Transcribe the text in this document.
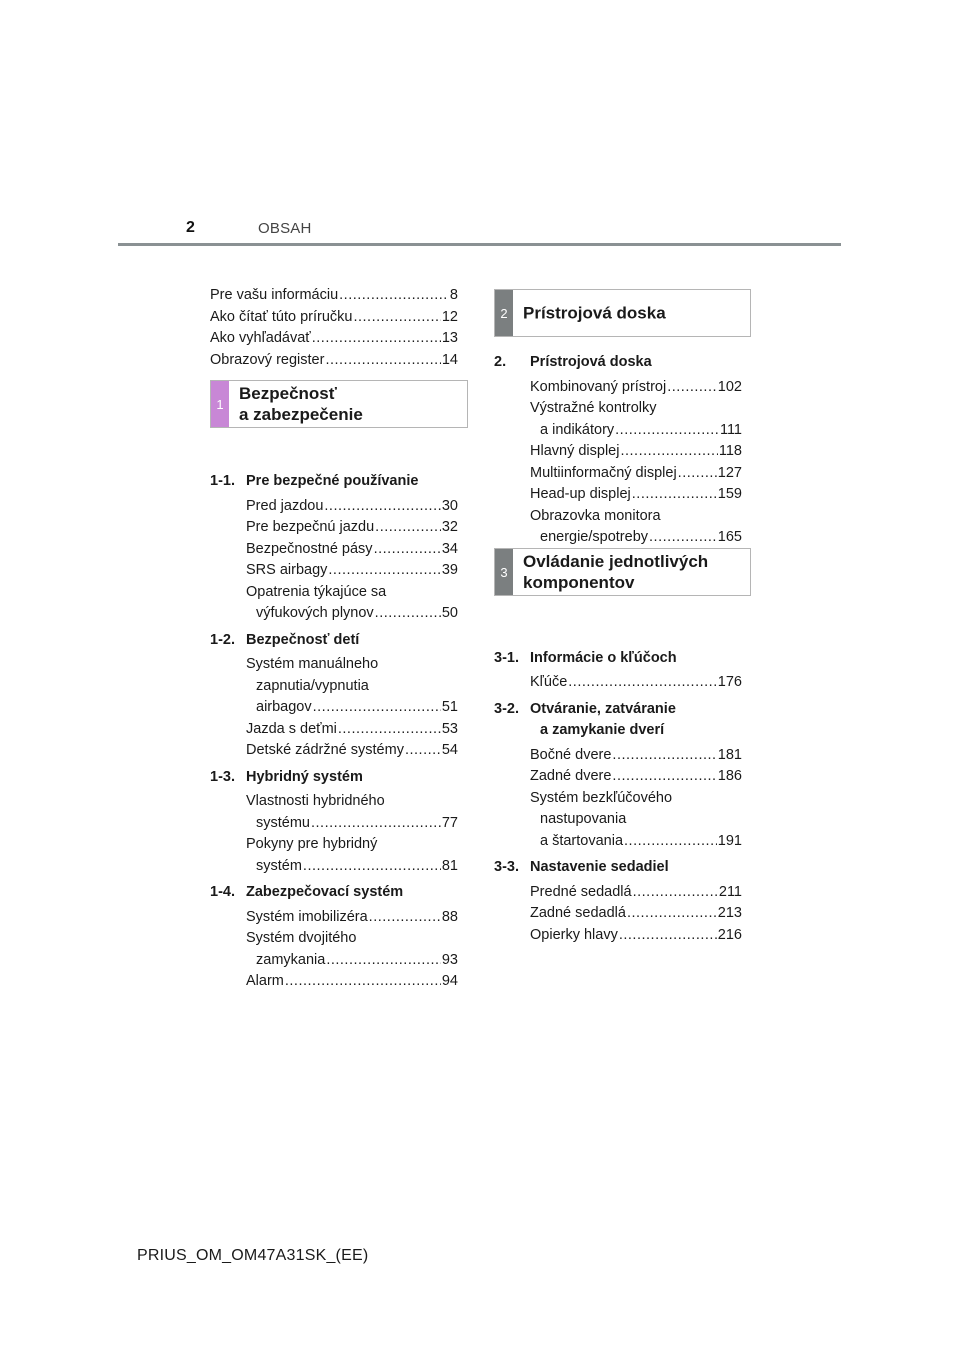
2	OBSAH
Pre vašu informáciu .....	8
Ako čítať túto príručku .....	12
Ako vyhľadávať .....	13
Obrazový register .....	14
1-1. Pre bezpečné používanie
Pred jazdou .....	30
Pre bezpečnú jazdu .....	32
Bezpečnostné pásy .....	34
SRS airbagy .....	39
Opatrenia týkajúce sa
výfukových plynov .....	50
1-2. Bezpečnosť detí
Systém manuálneho
zapnutia/vypnutia
airbagov .....	51
Jazda s deťmi .....	53
Detské zádržné systémy .....	54
1-3. Hybridný systém
Vlastnosti hybridného
systému .....	77
Pokyny pre hybridný
systém .....	81
1-4. Zabezpečovací systém
Systém imobilizéra .....	88
Systém dvojitého
zamykania .....	93
Alarm .....	94
1
Bezpečnosť
a zabezpečenie
2 Prístrojová doska
3
Ovládanie jednotlivých
komponentov
2.	Prístrojová doska
Kombinovaný prístroj .....	102
Výstražné kontrolky
a indikátory .....	111
Hlavný displej .....	118
Multiinformačný displej .....	127
Head-up displej .....	159
Obrazovka monitora
energie/spotreby .....	165
3-1. Informácie o kľúčoch
Kľúče .....	176
3-2. Otváranie, zatváranie
a zamykanie dverí
Bočné dvere .....	181
Zadné dvere .....	186
Systém bezkľúčového
nastupovania
a štartovania .....	191
3-3. Nastavenie sedadiel
Predné sedadlá .....	211
Zadné sedadlá .....	213
Opierky hlavy .....	216
PRIUS_OM_OM47A31SK_(EE)
